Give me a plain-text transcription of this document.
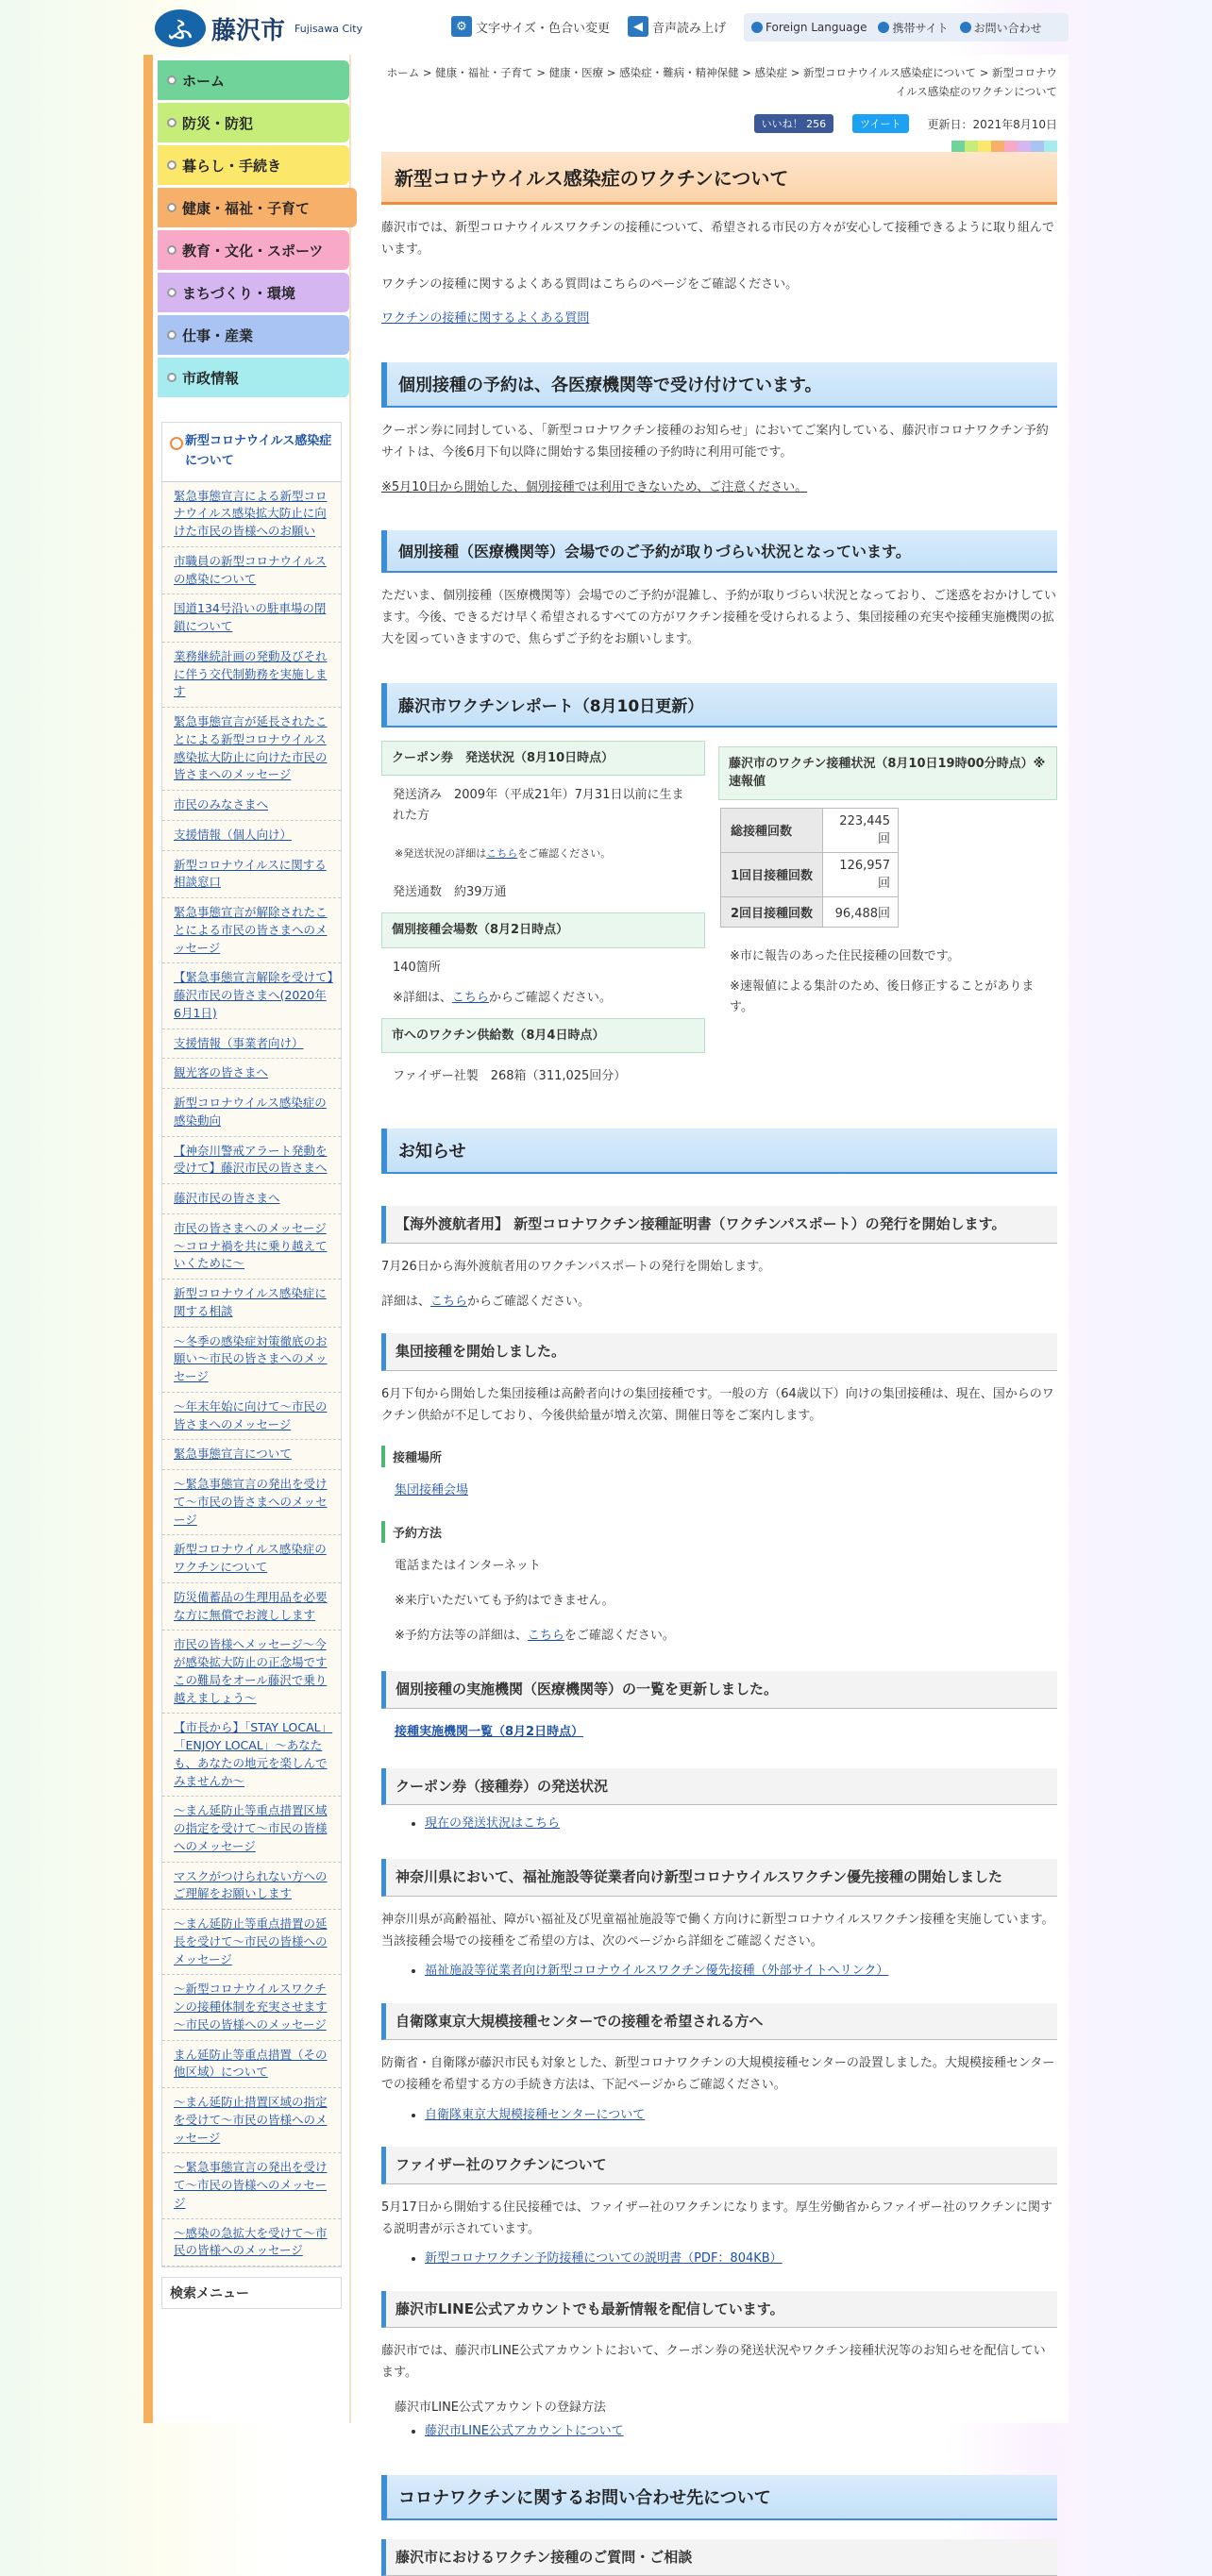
ふ 藤沢市 Fujisawa City	⚙ 文字サイズ・色合い変更	◀ 音声読み上げ	Foreign Language 携帯サイト お問い合わせ
ホーム
防災・防犯
暮らし・手続き
健康・福祉・子育て
教育・文化・スポーツ
まちづくり・環境
仕事・産業
市政情報
新型コロナウイルス感染症について
緊急事態宣言による新型コロナウイルス感染拡大防止に向けた市民の皆様へのお願い
市職員の新型コロナウイルスの感染について
国道134号沿いの駐車場の閉鎖について
業務継続計画の発動及びそれに伴う交代制勤務を実施します
緊急事態宣言が延長されたことによる新型コロナウイルス感染拡大防止に向けた市民の皆さまへのメッセージ
市民のみなさまへ
支援情報（個人向け）
新型コロナウイルスに関する相談窓口
緊急事態宣言が解除されたことによる市民の皆さまへのメッセージ
【緊急事態宣言解除を受けて】藤沢市民の皆さまへ(2020年6月1日)
支援情報（事業者向け）
観光客の皆さまへ
新型コロナウイルス感染症の感染動向
【神奈川警戒アラート発動を受けて】藤沢市民の皆さまへ
藤沢市民の皆さまへ
市民の皆さまへのメッセージ～コロナ禍を共に乗り越えていくために～
新型コロナウイルス感染症に関する相談
～冬季の感染症対策徹底のお願い～市民の皆さまへのメッセージ
～年末年始に向けて～市民の皆さまへのメッセージ
緊急事態宣言について
～緊急事態宣言の発出を受けて～市民の皆さまへのメッセージ
新型コロナウイルス感染症のワクチンについて
防災備蓄品の生理用品を必要な方に無償でお渡しします
市民の皆様へメッセージ～今が感染拡大防止の正念場です この難局をオール藤沢で乗り越えましょう～
【市長から】「STAY LOCAL」「ENJOY LOCAL」～あなたも、あなたの地元を楽しんでみませんか～
～まん延防止等重点措置区域の指定を受けて～市民の皆様へのメッセージ
マスクがつけられない方へのご理解をお願いします
～まん延防止等重点措置の延長を受けて～市民の皆様へのメッセージ
～新型コロナウイルスワクチンの接種体制を充実させます～市民の皆様へのメッセージ
まん延防止等重点措置（その他区域）について
～まん延防止措置区域の指定を受けて～市民の皆様へのメッセージ
～緊急事態宣言の発出を受けて～市民の皆様へのメッセージ
～感染の急拡大を受けて～市民の皆様へのメッセージ
検索メニュー
ホーム > 健康・福祉・子育て > 健康・医療 > 感染症・難病・精神保健 > 感染症 > 新型コロナウイルス感染症について > 新型コロナウイルス感染症のワクチンについて
いいね！ 256	ツイート	更新日：2021年8月10日
新型コロナウイルス感染症のワクチンについて

藤沢市では、新型コロナウイルスワクチンの接種について、希望される市民の方々が安心して接種できるように取り組んでいます。

ワクチンの接種に関するよくある質問はこちらのページをご確認ください。

ワクチンの接種に関するよくある質問

個別接種の予約は、各医療機関等で受け付けています。

クーポン券に同封している、「新型コロナワクチン接種のお知らせ」においてご案内している、藤沢市コロナワクチン予約サイトは、今後6月下旬以降に開始する集団接種の予約時に利用可能です。

※5月10日から開始した、個別接種では利用できないため、ご注意ください。

個別接種（医療機関等）会場でのご予約が取りづらい状況となっています。

ただいま、個別接種（医療機関等）会場でのご予約が混雑し、予約が取りづらい状況となっており、ご迷惑をおかけしています。今後、できるだけ早く希望されるすべての方がワクチン接種を受けられるよう、集団接種の充実や接種実施機関の拡大を図っていきますので、焦らずご予約をお願いします。

藤沢市ワクチンレポート（8月10日更新）
クーポン券　発送状況（8月10日時点）
発送済み　2009年（平成21年）7月31日以前に生まれた方
※発送状況の詳細はこちらをご確認ください。
発送通数　約39万通
個別接種会場数（8月2日時点）
140箇所
※詳細は、こちらからご確認ください。
市へのワクチン供給数（8月4日時点）
ファイザー社製　268箱（311,025回分）
藤沢市のワクチン接種状況（8月10日19時00分時点）※速報値
総接種回数	223,445回
1回目接種回数	126,957回
2回目接種回数	96,488回
※市に報告のあった住民接種の回数です。
※速報値による集計のため、後日修正することがあります。
お知らせ
【海外渡航者用】 新型コロナワクチン接種証明書（ワクチンパスポート）の発行を開始します。

7月26日から海外渡航者用のワクチンパスポートの発行を開始します。

詳細は、こちらからご確認ください。

集団接種を開始しました。

6月下旬から開始した集団接種は高齢者向けの集団接種です。一般の方（64歳以下）向けの集団接種は、現在、国からのワクチン供給が不足しており、今後供給量が増え次第、開催日等をご案内します。

接種場所

集団接種会場

予約方法

電話またはインターネット

※来庁いただいても予約はできません。

※予約方法等の詳細は、こちらをご確認ください。

個別接種の実施機関（医療機関等）の一覧を更新しました。

接種実施機関一覧（8月2日時点）

クーポン券（接種券）の発送状況
• 現在の発送状況はこちら
神奈川県において、福祉施設等従業者向け新型コロナウイルスワクチン優先接種の開始しました

神奈川県が高齢福祉、障がい福祉及び児童福祉施設等で働く方向けに新型コロナウイルスワクチン接種を実施しています。当該接種会場での接種をご希望の方は、次のページから詳細をご確認ください。

• 福祉施設等従業者向け新型コロナウイルスワクチン優先接種（外部サイトへリンク）
自衛隊東京大規模接種センターでの接種を希望される方へ

防衛省・自衛隊が藤沢市民も対象とした、新型コロナワクチンの大規模接種センターの設置しました。大規模接種センターでの接種を希望する方の手続き方法は、下記ページからご確認ください。

• 自衛隊東京大規模接種センターについて
ファイザー社のワクチンについて

5月17日から開始する住民接種では、ファイザー社のワクチンになります。厚生労働省からファイザー社のワクチンに関する説明書が示されています。

• 新型コロナワクチン予防接種についての説明書（PDF：804KB）
藤沢市LINE公式アカウントでも最新情報を配信しています。

藤沢市では、藤沢市LINE公式アカウントにおいて、クーポン券の発送状況やワクチン接種状況等のお知らせを配信しています。

藤沢市LINE公式アカウントの登録方法

• 藤沢市LINE公式アカウントについて
コロナワクチンに関するお問い合わせ先について
藤沢市におけるワクチン接種のご質問・ご相談
